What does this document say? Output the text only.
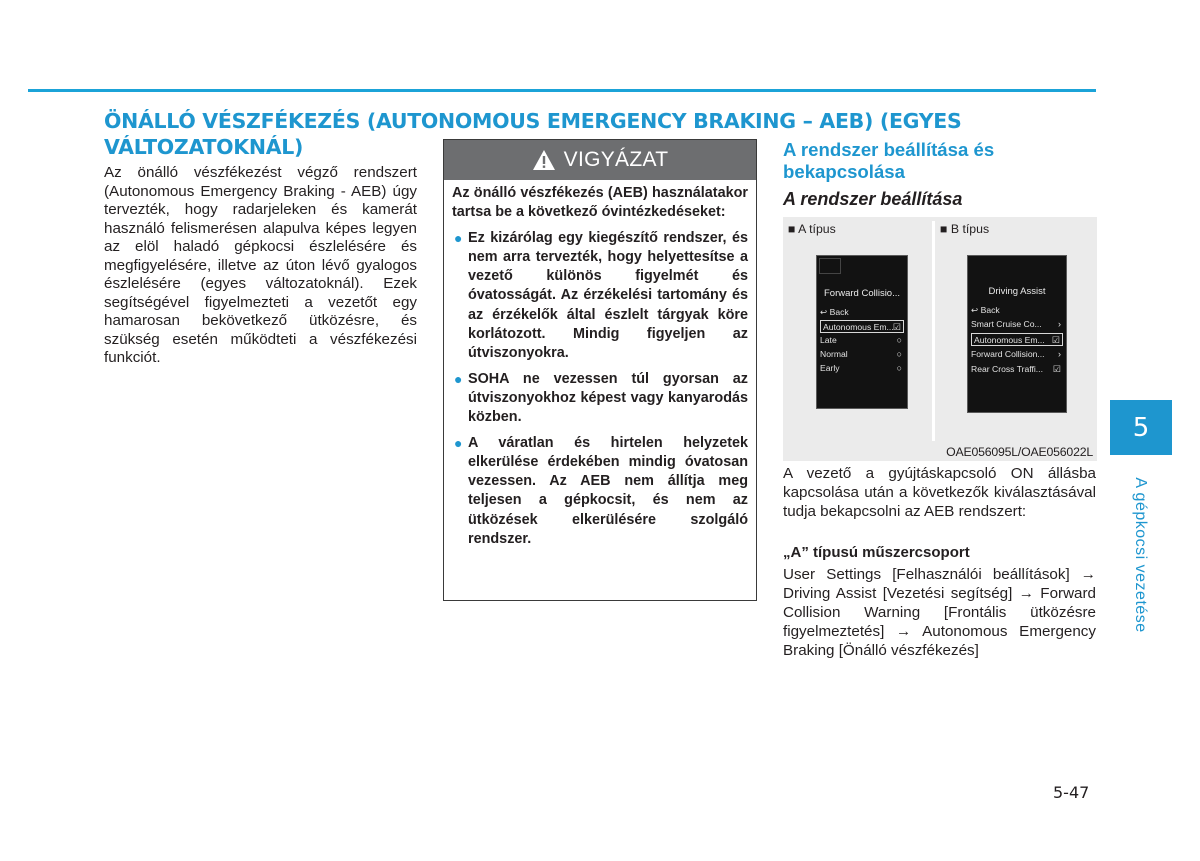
ÖNÁLLÓ VÉSZFÉKEZÉS (AUTONOMOUS EMERGENCY BRAKING – AEB) (EGYES VÁLTOZATOKNÁL)

Az önálló vészfékezést végző rendszert (Autonomous Emergency Braking - AEB) úgy tervezték, hogy radarjeleken és kamerát használó felismerésen alapulva képes legyen az elöl haladó gépkocsi észlelésére és megfigyelésére, illetve az úton lévő gyalogos észlelésére (egyes változatoknál). Ezek segítségével figyelmezteti a vezetőt egy hamarosan bekövetkező ütközésre, és szükség esetén működteti a vészfékezési funkciót.

VIGYÁZAT

Az önálló vészfékezés (AEB) használatakor tartsa be a következő óvintézkedéseket:

● Ez kizárólag egy kiegészítő rendszer, és nem arra tervezték, hogy helyettesítse a vezető különös figyelmét és óvatosságát. Az érzékelési tartomány és az érzékelők által észlelt tárgyak köre korlátozott. Mindig figyeljen az útviszonyokra.
● SOHA ne vezessen túl gyorsan az útviszonyokhoz képest vagy kanyarodás közben.
● A váratlan és hirtelen helyzetek elkerülése érdekében mindig óvatosan vezessen. Az AEB nem állítja meg teljesen a gépkocsit, és nem az ütközések elkerülésére szolgáló rendszer.
A rendszer beállítása és bekapcsolása
A rendszer beállítása
■ A típus	■ B típus
Forward Collisio...
↩ Back
Autonomous Em... ☑
Late	○
Normal	○
Early	○
Driving Assist
↩ Back
Smart Cruise Co... ›
Autonomous Em... ☑
Forward Collision... ›
Rear Cross Traffi... ☑
OAE056095L/OAE056022L

A vezető a gyújtáskapcsoló ON állásba kapcsolása után a következők kiválasztásával tudja bekapcsolni az AEB rendszert:

„A” típusú műszercsoport

User Settings [Felhasználói beállítások] → Driving Assist [Vezetési segítség] → Forward Collision Warning [Frontális ütközésre figyelmeztetés] → Autonomous Emergency Braking [Önálló vészfékezés]

5
A gépkocsi vezetése
5-47
